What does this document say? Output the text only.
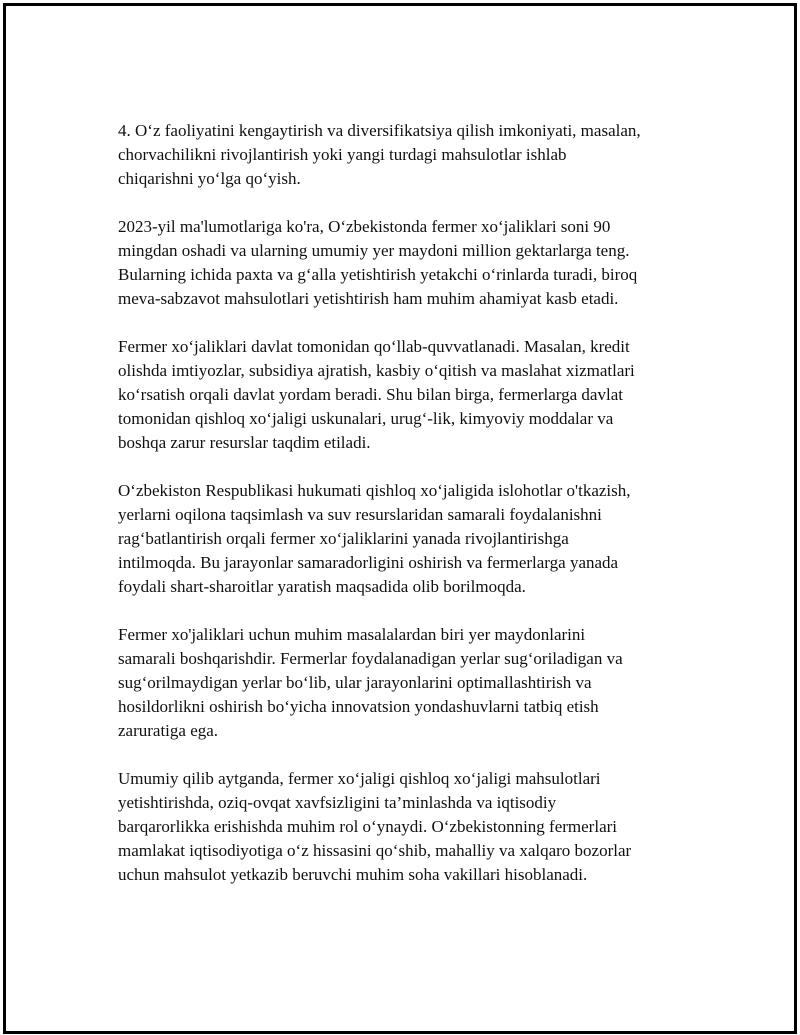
4. O‘z faoliyatini kengaytirish va diversifikatsiya qilish imkoniyati, masalan,
chorvachilikni rivojlantirish yoki yangi turdagi mahsulotlar ishlab
chiqarishni yo‘lga qo‘yish.

2023-yil ma'lumotlariga ko'ra, O‘zbekistonda fermer xo‘jaliklari soni 90
mingdan oshadi va ularning umumiy yer maydoni million gektarlarga teng.
Bularning ichida paxta va g‘alla yetishtirish yetakchi o‘rinlarda turadi, biroq
meva-sabzavot mahsulotlari yetishtirish ham muhim ahamiyat kasb etadi.

Fermer xo‘jaliklari davlat tomonidan qo‘llab-quvvatlanadi. Masalan, kredit
olishda imtiyozlar, subsidiya ajratish, kasbiy o‘qitish va maslahat xizmatlari
ko‘rsatish orqali davlat yordam beradi. Shu bilan birga, fermerlarga davlat
tomonidan qishloq xo‘jaligi uskunalari, urug‘-lik, kimyoviy moddalar va
boshqa zarur resurslar taqdim etiladi.

O‘zbekiston Respublikasi hukumati qishloq xo‘jaligida islohotlar o'tkazish,
yerlarni oqilona taqsimlash va suv resurslaridan samarali foydalanishni
rag‘batlantirish orqali fermer xo‘jaliklarini yanada rivojlantirishga
intilmoqda. Bu jarayonlar samaradorligini oshirish va fermerlarga yanada
foydali shart-sharoitlar yaratish maqsadida olib borilmoqda.

Fermer xo'jaliklari uchun muhim masalalardan biri yer maydonlarini
samarali boshqarishdir. Fermerlar foydalanadigan yerlar sug‘oriladigan va
sug‘orilmaydigan yerlar bo‘lib, ular jarayonlarini optimallashtirish va
hosildorlikni oshirish bo‘yicha innovatsion yondashuvlarni tatbiq etish
zaruratiga ega.

Umumiy qilib aytganda, fermer xo‘jaligi qishloq xo‘jaligi mahsulotlari
yetishtirishda, oziq-ovqat xavfsizligini ta’minlashda va iqtisodiy
barqarorlikka erishishda muhim rol o‘ynaydi. O‘zbekistonning fermerlari
mamlakat iqtisodiyotiga o‘z hissasini qo‘shib, mahalliy va xalqaro bozorlar
uchun mahsulot yetkazib beruvchi muhim soha vakillari hisoblanadi.
